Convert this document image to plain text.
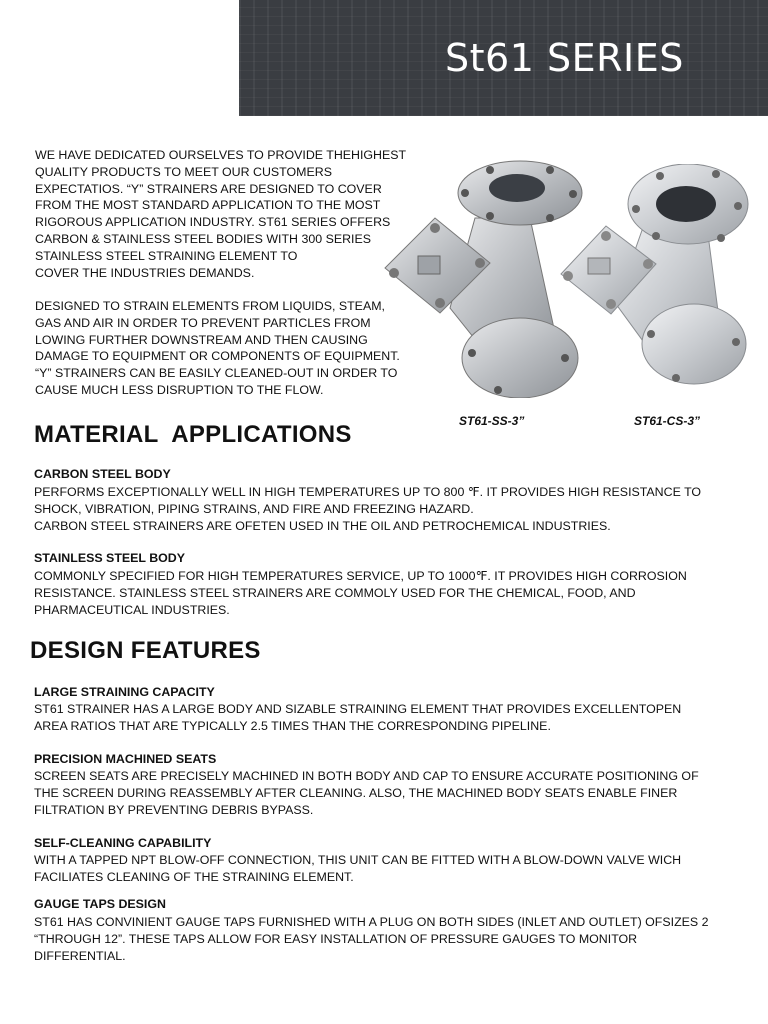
St61 SERIES
WE HAVE DEDICATED OURSELVES TO PROVIDE THEHIGHEST
QUALITY PRODUCTS TO MEET OUR CUSTOMERS
EXPECTATIOS. “Y” STRAINERS ARE DESIGNED TO COVER
FROM THE MOST STANDARD APPLICATION TO THE MOST
RIGOROUS APPLICATION INDUSTRY. ST61 SERIES OFFERS
CARBON & STAINLESS STEEL BODIES WITH 300 SERIES
STAINLESS STEEL STRAINING ELEMENT TO
COVER THE INDUSTRIES DEMANDS.
DESIGNED TO STRAIN ELEMENTS FROM LIQUIDS, STEAM,
GAS AND AIR IN ORDER TO PREVENT PARTICLES FROM
LOWING FURTHER DOWNSTREAM AND THEN CAUSING
DAMAGE TO EQUIPMENT OR COMPONENTS OF EQUIPMENT.
“Y” STRAINERS CAN BE EASILY CLEANED-OUT IN ORDER TO
CAUSE MUCH LESS DISRUPTION TO THE FLOW.
ST61-SS-3”	ST61-CS-3”
MATERIAL  APPLICATIONS
CARBON STEEL BODY
PERFORMS EXCEPTIONALLY WELL IN HIGH TEMPERATURES UP TO 800 ℉. IT PROVIDES HIGH RESISTANCE TO
SHOCK, VIBRATION, PIPING STRAINS, AND FIRE AND FREEZING HAZARD.
CARBON STEEL STRAINERS ARE OFETEN USED IN THE OIL AND PETROCHEMICAL INDUSTRIES.
STAINLESS STEEL BODY
COMMONLY SPECIFIED FOR HIGH TEMPERATURES SERVICE, UP TO 1000℉. IT PROVIDES HIGH CORROSION
RESISTANCE. STAINLESS STEEL STRAINERS ARE COMMOLY USED FOR THE CHEMICAL, FOOD, AND
PHARMACEUTICAL INDUSTRIES.
DESIGN FEATURES
LARGE STRAINING CAPACITY
ST61 STRAINER HAS A LARGE BODY AND SIZABLE STRAINING ELEMENT THAT PROVIDES EXCELLENTOPEN
AREA RATIOS THAT ARE TYPICALLY 2.5 TIMES THAN THE CORRESPONDING PIPELINE.
PRECISION MACHINED SEATS
SCREEN SEATS ARE PRECISELY MACHINED IN BOTH BODY AND CAP TO ENSURE ACCURATE POSITIONING OF
THE SCREEN DURING REASSEMBLY AFTER CLEANING. ALSO, THE MACHINED BODY SEATS ENABLE FINER
FILTRATION BY PREVENTING DEBRIS BYPASS.
SELF-CLEANING CAPABILITY
WITH A TAPPED NPT BLOW-OFF CONNECTION, THIS UNIT CAN BE FITTED WITH A BLOW-DOWN VALVE WICH
FACILIATES CLEANING OF THE STRAINING ELEMENT.
GAUGE TAPS DESIGN
ST61 HAS CONVINIENT GAUGE TAPS FURNISHED WITH A PLUG ON BOTH SIDES (INLET AND OUTLET) OFSIZES 2
“THROUGH 12”. THESE TAPS ALLOW FOR EASY INSTALLATION OF PRESSURE GAUGES TO MONITOR
DIFFERENTIAL.
